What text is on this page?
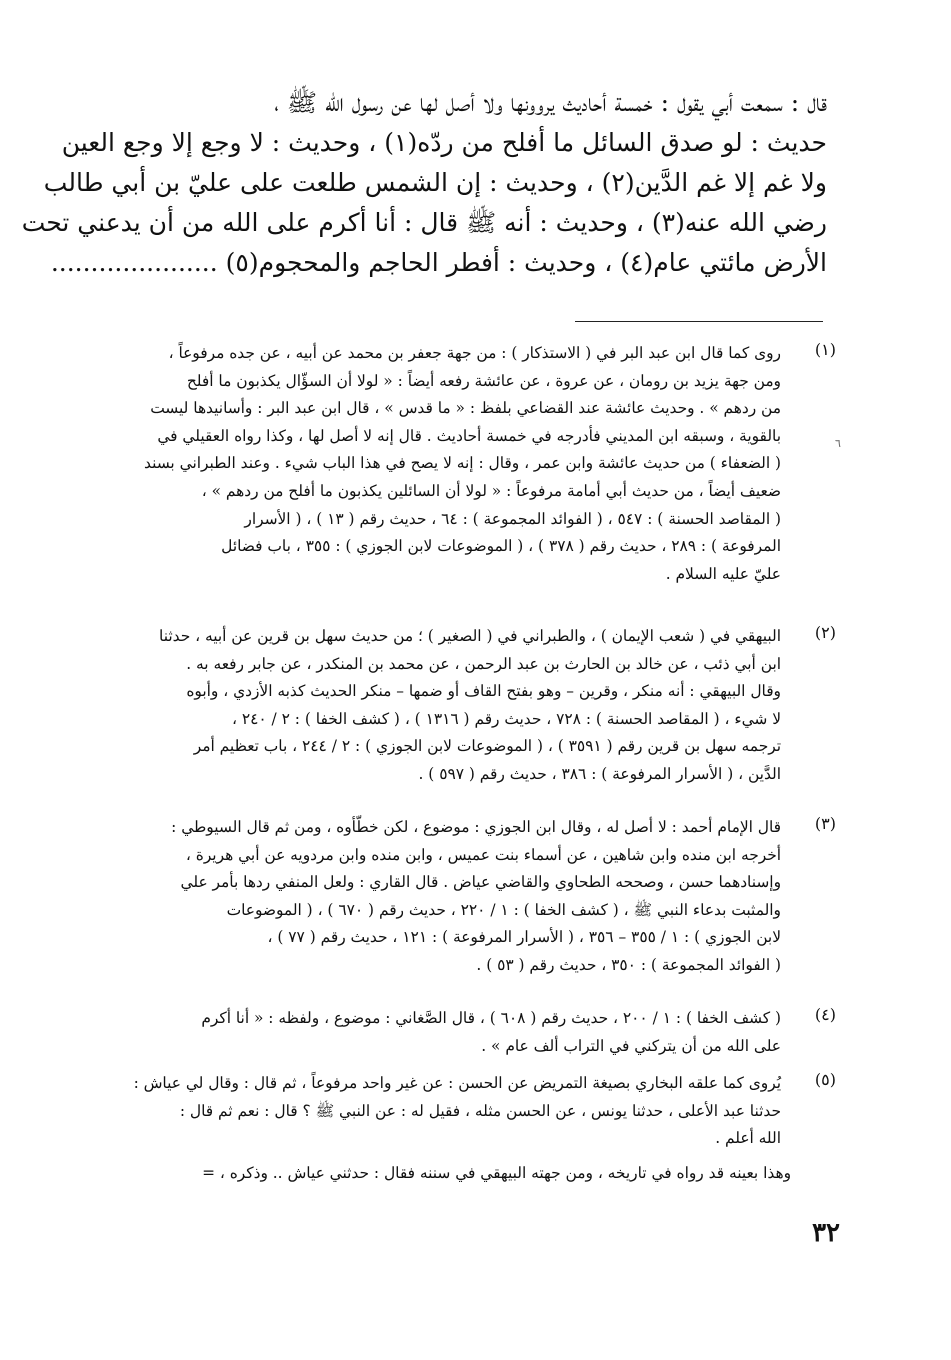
قال : سمعت أبي يقول : خمسة أحاديث يروونها ولا أصل لها عن رسول الله ﷺ ،
حديث : لو صدق السائل ما أفلح من ردّه(١) ، وحديث : لا وجع إلا وجع العين
ولا غم إلا غم الدَّين(٢) ، وحديث : إن الشمس طلعت على عليّ بن أبي طالب
رضي الله عنه(٣) ، وحديث : أنه ﷺ قال : أنا أكرم على الله من أن يدعني تحت
الأرض مائتي عام(٤) ، وحديث : أفطر الحاجم والمحجوم(٥) .....................
٦
(١)
روى كما قال ابن عبد البر في ( الاستذكار ) : من جهة جعفر بن محمد عن أبيه ، عن جده مرفوعاً ،
ومن جهة يزيد بن رومان ، عن عروة ، عن عائشة رفعه أيضاً : « لولا أن السؤّال يكذبون ما أفلح
من ردهم » . وحديث عائشة عند القضاعي بلفظ : « ما قدس » ، قال ابن عبد البر : وأسانيدها ليست
بالقوية ، وسبقه ابن المديني فأدرجه في خمسة أحاديث . قال إنه لا أصل لها ، وكذا رواه العقيلي في
( الضعفاء ) من حديث عائشة وابن عمر ، وقال : إنه لا يصح في هذا الباب شيء . وعند الطبراني بسند
ضعيف أيضاً ، من حديث أبي أمامة مرفوعاً : « لولا أن السائلين يكذبون ما أفلح من ردهم » ،
( المقاصد الحسنة ) : ٥٤٧ ، ( الفوائد المجموعة ) : ٦٤ ، حديث رقم ( ١٣ ) ، ( الأسرار
المرفوعة ) : ٢٨٩ ، حديث رقم ( ٣٧٨ ) ، ( الموضوعات لابن الجوزي ) : ٣٥٥ ، باب فضائل
عليّ عليه السلام .
(٢)
البيهقي في ( شعب الإيمان ) ، والطبراني في ( الصغير ) ؛ من حديث سهل بن قرين عن أبيه ، حدثنا
ابن أبي ذئب ، عن خالد بن الحارث بن عبد الرحمن ، عن محمد بن المنكدر ، عن جابر رفعه به .
وقال البيهقي : أنه منكر ، وقرين – وهو بفتح القاف أو ضمها – منكر الحديث كذبه الأزدي ، وأبوه
لا شيء ، ( المقاصد الحسنة ) : ٧٢٨ ، حديث رقم ( ١٣١٦ ) ، ( كشف الخفا ) : ٢ / ٢٤٠ ،
ترجمه سهل بن قرين رقم ( ٣٥٩١ ) ، ( الموضوعات لابن الجوزي ) : ٢ / ٢٤٤ ، باب تعظيم أمر
الدَّين ، ( الأسرار المرفوعة ) : ٣٨٦ ، حديث رقم ( ٥٩٧ ) .
(٣)
قال الإمام أحمد : لا أصل له ، وقال ابن الجوزي : موضوع ، لكن خطّأوه ، ومن ثم قال السيوطي :
أخرجه ابن منده وابن شاهين ، عن أسماء بنت عميس ، وابن منده وابن مردويه عن أبي هريرة ،
وإسنادهما حسن ، وصححه الطحاوي والقاضي عياض . قال القاري : ولعل المنفي ردها بأمر علي
والمثبت بدعاء النبي ﷺ ، ( كشف الخفا ) : ١ / ٢٢٠ ، حديث رقم ( ٦٧٠ ) ، ( الموضوعات
لابن الجوزي ) : ١ / ٣٥٥ – ٣٥٦ ، ( الأسرار المرفوعة ) : ١٢١ ، حديث رقم ( ٧٧ ) ،
( الفوائد المجموعة ) : ٣٥٠ ، حديث رقم ( ٥٣ ) .
(٤)
( كشف الخفا ) : ١ / ٢٠٠ ، حديث رقم ( ٦٠٨ ) ، قال الصَّغاني : موضوع ، ولفظه : « أنا أكرم
على الله من أن يتركني في التراب ألف عام » .
(٥)
يُروى كما علقه البخاري بصيغة التمريض عن الحسن : عن غير واحد مرفوعاً ، ثم قال : وقال لي عياش :
حدثنا عبد الأعلى ، حدثنا يونس ، عن الحسن مثله ، فقيل له : عن النبي ﷺ ؟ قال : نعم ثم قال :
الله أعلم .
وهذا بعينه قد رواه في تاريخه ، ومن جهته البيهقي في سننه فقال : حدثني عياش .. وذكره ، =
٣٢
